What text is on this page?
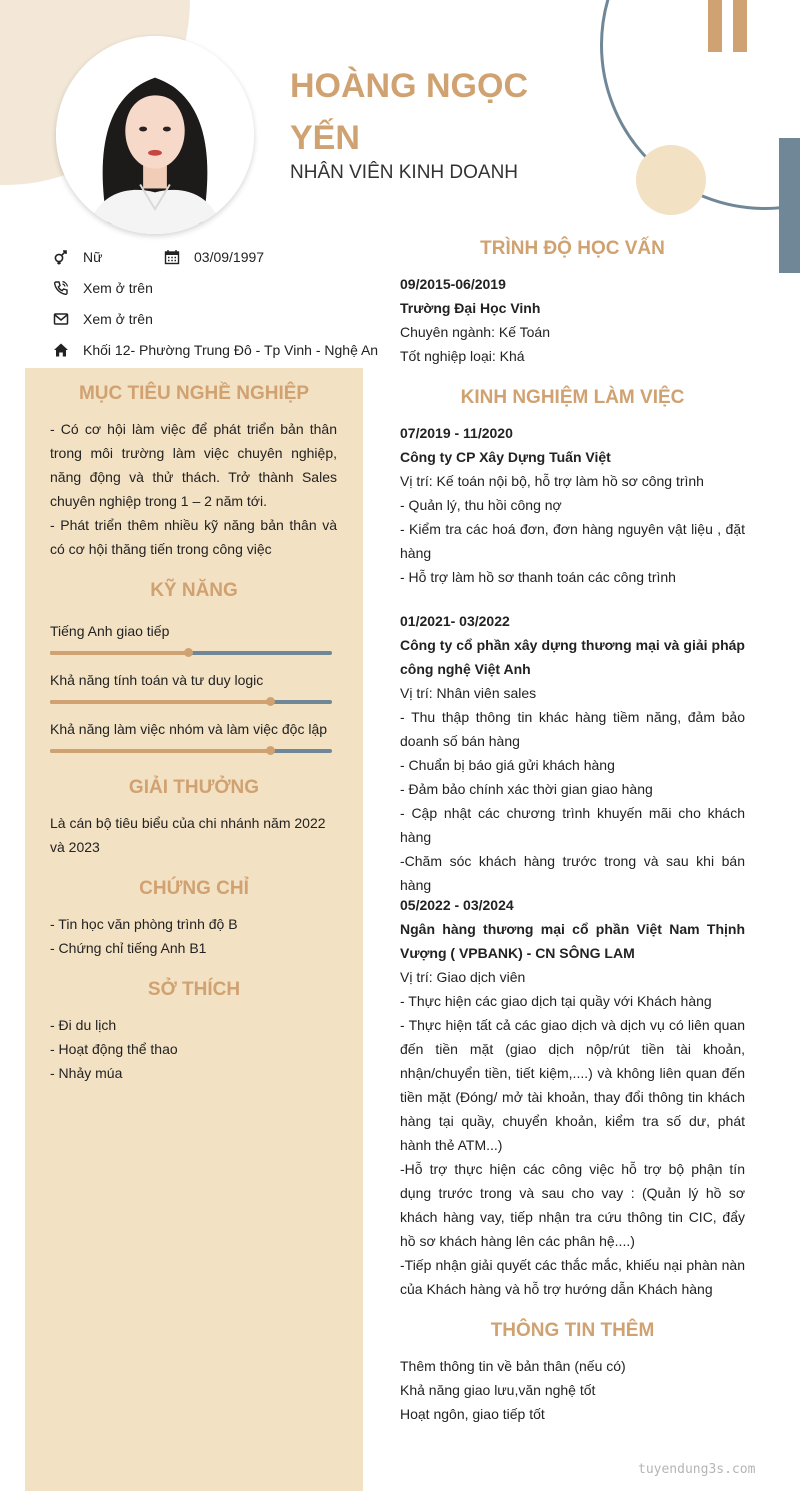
HOÀNG NGỌC YẾN
NHÂN VIÊN KINH DOANH
Nữ	03/09/1997
Xem ở trên
Xem ở trên
Khối 12- Phường Trung Đô - Tp Vinh - Nghệ An
MỤC TIÊU NGHỀ NGHIỆP
- Có cơ hội làm việc để phát triển bản thân trong môi trường làm việc chuyên nghiệp, năng động và thử thách. Trở thành Sales chuyên nghiệp trong 1 – 2 năm tới.
- Phát triển thêm nhiều kỹ năng bản thân và có cơ hội thăng tiến trong công việc
KỸ NĂNG
Tiếng Anh giao tiếp
Khả năng tính toán và tư duy logic
Khả năng làm việc nhóm và làm việc độc lập
GIẢI THƯỞNG
Là cán bộ tiêu biểu của chi nhánh năm 2022 và 2023
CHỨNG CHỈ
- Tin học văn phòng trình độ B
- Chứng chỉ tiếng Anh B1
SỞ THÍCH
- Đi du lịch
- Hoạt động thể thao
- Nhảy múa
TRÌNH ĐỘ HỌC VẤN
09/2015-06/2019
Trường Đại Học Vinh
Chuyên ngành: Kế Toán
Tốt nghiệp loại: Khá
KINH NGHIỆM LÀM VIỆC
07/2019 - 11/2020
Công ty CP Xây Dựng Tuấn Việt
Vị trí: Kế toán nội bộ, hỗ trợ làm hồ sơ công trình
- Quản lý, thu hồi công nợ
- Kiểm tra các hoá đơn, đơn hàng nguyên vật liệu , đặt hàng
- Hỗ trợ làm hồ sơ thanh toán các công trình
01/2021- 03/2022
Công ty cổ phần xây dựng thương mại và giải pháp công nghệ Việt Anh
Vị trí: Nhân viên sales
- Thu thập thông tin khác hàng tiềm năng, đảm bảo doanh số bán hàng
- Chuẩn bị báo giá gửi khách hàng
- Đảm bảo chính xác thời gian giao hàng
- Cập nhật các chương trình khuyến mãi cho khách hàng
-Chăm sóc khách hàng trước trong và sau khi bán hàng
05/2022 - 03/2024
Ngân hàng thương mại cổ phần Việt Nam Thịnh Vượng ( VPBANK) - CN SÔNG LAM
Vị trí: Giao dịch viên
- Thực hiện các giao dịch tại quầy với Khách hàng
- Thực hiện tất cả các giao dịch và dịch vụ có liên quan đến tiền mặt (giao dịch nộp/rút tiền tài khoản, nhận/chuyển tiền, tiết kiệm,....) và không liên quan đến tiền mặt (Đóng/ mở tài khoản, thay đổi thông tin khách hàng tại quầy, chuyển khoản, kiểm tra số dư, phát hành thẻ ATM...)
-Hỗ trợ thực hiện các công việc hỗ trợ bộ phận tín dụng trước trong và sau cho vay : (Quản lý hồ sơ khách hàng vay, tiếp nhận tra cứu thông tin CIC, đẩy hồ sơ khách hàng lên các phân hệ....)
-Tiếp nhận giải quyết các thắc mắc, khiếu nại phàn nàn của Khách hàng và hỗ trợ hướng dẫn Khách hàng
THÔNG TIN THÊM
Thêm thông tin về bản thân (nếu có)
Khả năng giao lưu,văn nghệ tốt
Hoạt ngôn, giao tiếp tốt
tuyendung3s.com
